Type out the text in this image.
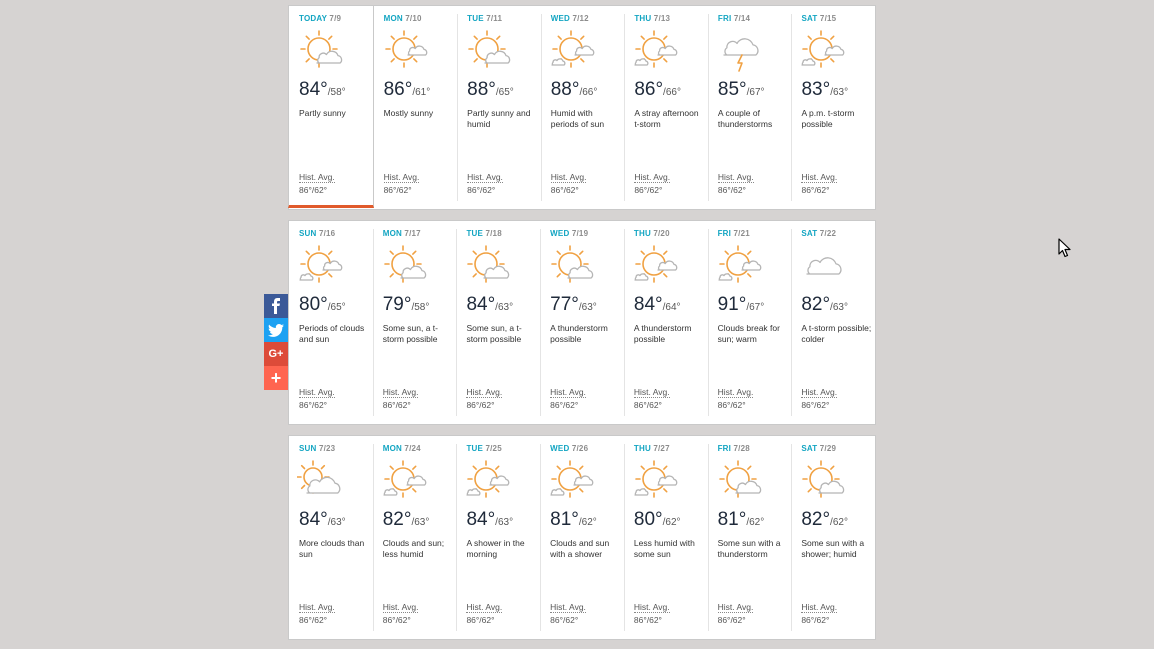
TODAY 7/9
84°/58°
Partly sunny
Hist. Avg.
86°/62°
MON 7/10
86°/61°
Mostly sunny
Hist. Avg.
86°/62°
TUE 7/11
88°/65°
Partly sunny and humid
Hist. Avg.
86°/62°
WED 7/12
88°/66°
Humid with periods of sun
Hist. Avg.
86°/62°
THU 7/13
86°/66°
A stray afternoon t-storm
Hist. Avg.
86°/62°
FRI 7/14
85°/67°
A couple of thunderstorms
Hist. Avg.
86°/62°
SAT 7/15
83°/63°
A p.m. t-storm possible
Hist. Avg.
86°/62°
SUN 7/16
80°/65°
Periods of clouds and sun
Hist. Avg.
86°/62°
MON 7/17
79°/58°
Some sun, a t-storm possible
Hist. Avg.
86°/62°
TUE 7/18
84°/63°
Some sun, a t-storm possible
Hist. Avg.
86°/62°
WED 7/19
77°/63°
A thunderstorm possible
Hist. Avg.
86°/62°
THU 7/20
84°/64°
A thunderstorm possible
Hist. Avg.
86°/62°
FRI 7/21
91°/67°
Clouds break for sun; warm
Hist. Avg.
86°/62°
SAT 7/22
82°/63°
A t-storm possible; colder
Hist. Avg.
86°/62°
SUN 7/23
84°/63°
More clouds than sun
Hist. Avg.
86°/62°
MON 7/24
82°/63°
Clouds and sun; less humid
Hist. Avg.
86°/62°
TUE 7/25
84°/63°
A shower in the morning
Hist. Avg.
86°/62°
WED 7/26
81°/62°
Clouds and sun with a shower
Hist. Avg.
86°/62°
THU 7/27
80°/62°
Less humid with some sun
Hist. Avg.
86°/62°
FRI 7/28
81°/62°
Some sun with a thunderstorm
Hist. Avg.
86°/62°
SAT 7/29
82°/62°
Some sun with a shower; humid
Hist. Avg.
86°/62°
G+
+
